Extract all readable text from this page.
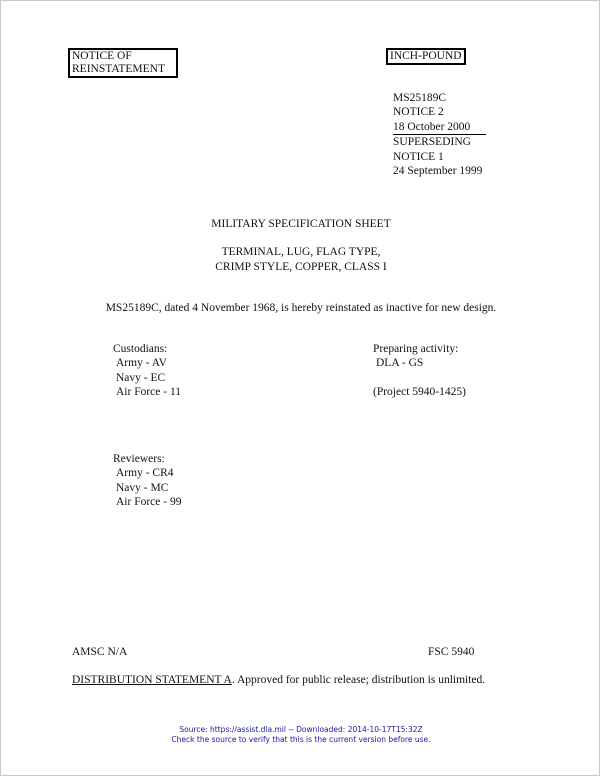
NOTICE OF REINSTATEMENT
INCH-POUND
MS25189C
NOTICE 2
18 October 2000
SUPERSEDING
NOTICE 1
24 September 1999
MILITARY SPECIFICATION SHEET
TERMINAL, LUG, FLAG TYPE,
CRIMP STYLE, COPPER, CLASS I
MS25189C, dated 4 November 1968, is hereby reinstated as inactive for new design.
Custodians:
Army - AV
Navy - EC
Air Force - 11
Preparing activity:
DLA - GS
(Project 5940-1425)
Reviewers:
Army - CR4
Navy - MC
Air Force - 99
AMSC N/A	FSC 5940
DISTRIBUTION STATEMENT A. Approved for public release; distribution is unlimited.
Source: https://assist.dla.mil -- Downloaded: 2014-10-17T15:32Z
Check the source to verify that this is the current version before use.
